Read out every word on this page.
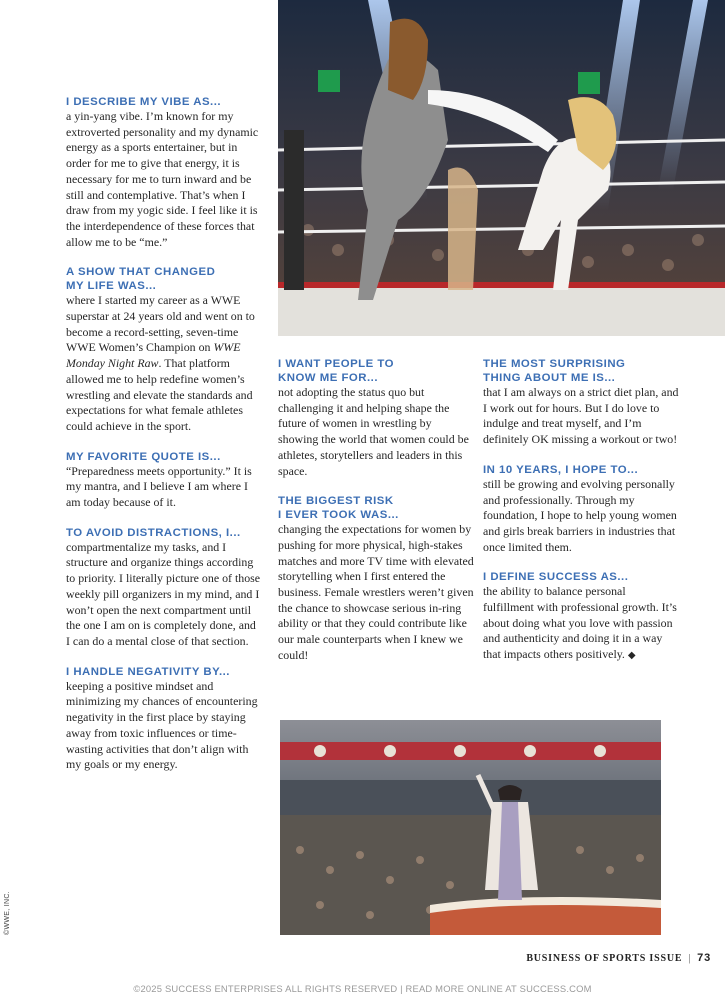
I DESCRIBE MY VIBE AS...

a yin-yang vibe. I’m known for my extroverted personality and my dynamic energy as a sports entertainer, but in order for me to give that energy, it is necessary for me to turn inward and be still and contemplative. That’s when I draw from my yogic side. I feel like it is the interdependence of these forces that allow me to be “me.”

A SHOW THAT CHANGED
MY LIFE WAS...

where I started my career as a WWE superstar at 24 years old and went on to become a record-setting, seven-time WWE Women’s Champion on WWE Monday Night Raw. That platform allowed me to help redefine women’s wrestling and elevate the standards and expectations for what female athletes could achieve in the sport.

MY FAVORITE QUOTE IS...

“Preparedness meets opportunity.” It is my mantra, and I believe I am where I am today because of it.

TO AVOID DISTRACTIONS, I...

compartmentalize my tasks, and I structure and organize things according to priority. I literally picture one of those weekly pill organizers in my mind, and I won’t open the next compartment until the one I am on is completely done, and I can do a mental close of that section.

I HANDLE NEGATIVITY BY...

keeping a positive mindset and minimizing my chances of encountering negativity in the first place by staying away from toxic influences or time-wasting activities that don’t align with my goals or my energy.

I WANT PEOPLE TO
KNOW ME FOR...

not adopting the status quo but challenging it and helping shape the future of women in wrestling by showing the world that women could be athletes, storytellers and leaders in this space.

THE BIGGEST RISK
I EVER TOOK WAS...

changing the expectations for women by pushing for more physical, high-stakes matches and more TV time with elevated storytelling when I first entered the business. Female wrestlers weren’t given the chance to showcase serious in-ring ability or that they could contribute like our male counterparts when I knew we could!

THE MOST SURPRISING
THING ABOUT ME IS...

that I am always on a strict diet plan, and I work out for hours. But I do love to indulge and treat myself, and I’m definitely OK missing a workout or two!

IN 10 YEARS, I HOPE TO...

still be growing and evolving personally and professionally. Through my foundation, I hope to help young women and girls break barriers in industries that once limited them.

I DEFINE SUCCESS AS...

the ability to balance personal fulfillment with professional growth. It’s about doing what you love with passion and authenticity and doing it in a way that impacts others positively. ◆

©WWE, INC.
BUSINESS OF SPORTS ISSUE | 73
©2025 SUCCESS ENTERPRISES ALL RIGHTS RESERVED | READ MORE ONLINE AT SUCCESS.COM
